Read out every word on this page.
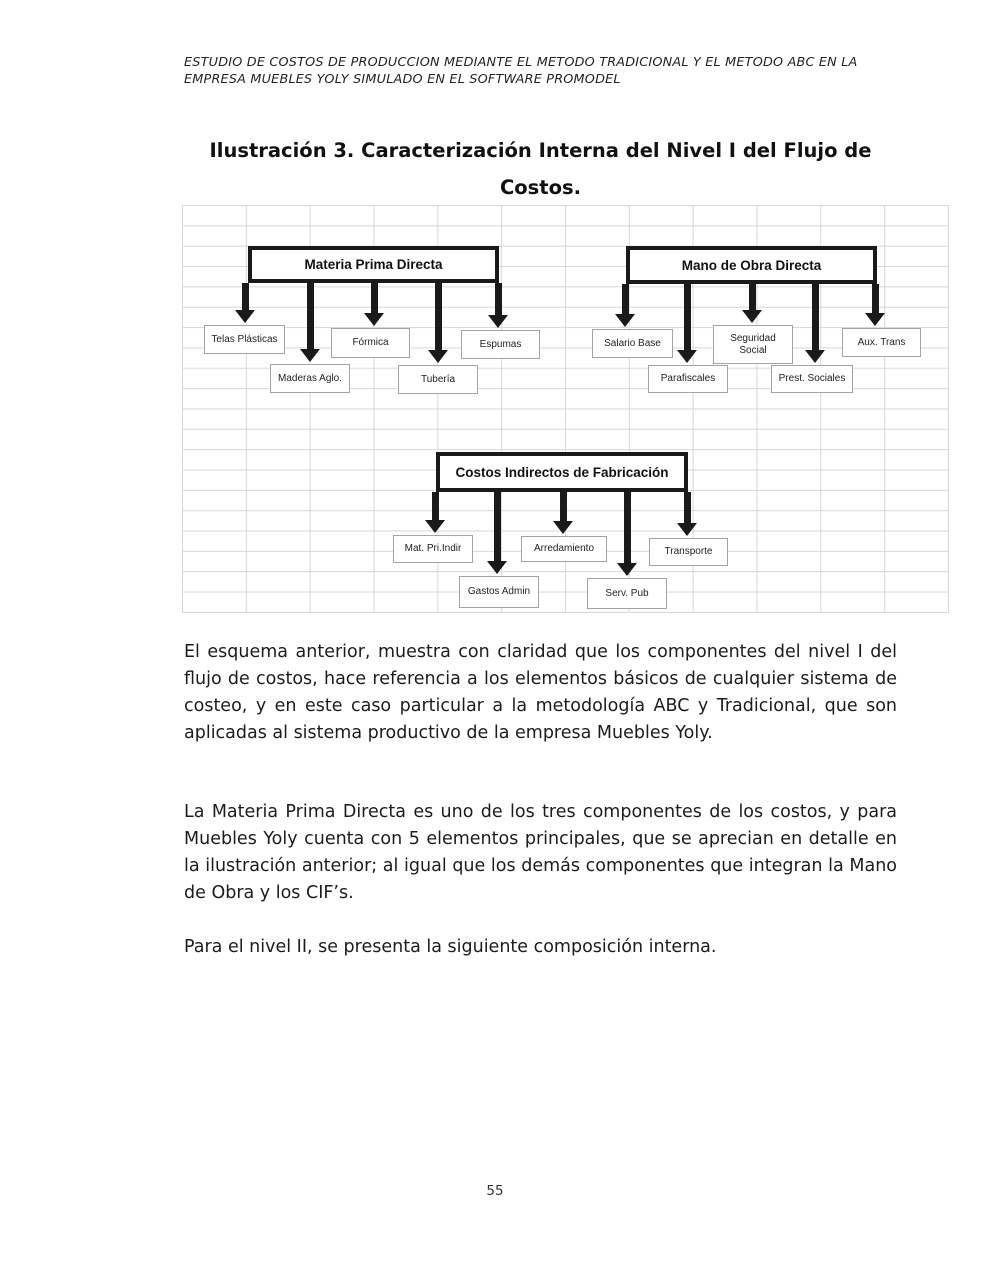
ESTUDIO DE COSTOS DE PRODUCCION MEDIANTE EL METODO TRADICIONAL Y EL METODO ABC EN LA
EMPRESA MUEBLES YOLY SIMULADO EN EL SOFTWARE PROMODEL
Ilustración 3. Caracterización Interna del Nivel I del Flujo de
Costos.
Materia Prima Directa
Telas Plásticas
Maderas Aglo.
Fórmica
Tubería
Espumas
Mano de Obra Directa
Salario Base
Parafiscales
Seguridad Social
Prest. Sociales
Aux. Trans
Costos Indirectos de Fabricación
Mat. Pri.Indir
Gastos Admin
Arredamiento
Serv. Pub
Transporte

El esquema anterior, muestra con claridad que los componentes del nivel I del flujo de costos, hace referencia a los elementos básicos de cualquier sistema de costeo, y en este caso particular a la metodología ABC y Tradicional, que son aplicadas al sistema productivo de la empresa Muebles Yoly.

La Materia Prima Directa es uno de los tres componentes de los costos, y para Muebles Yoly cuenta con 5 elementos principales, que se aprecian en detalle en la ilustración anterior; al igual que los demás componentes que integran la Mano de Obra y los CIF’s.

Para el nivel II, se presenta la siguiente composición interna.

55
